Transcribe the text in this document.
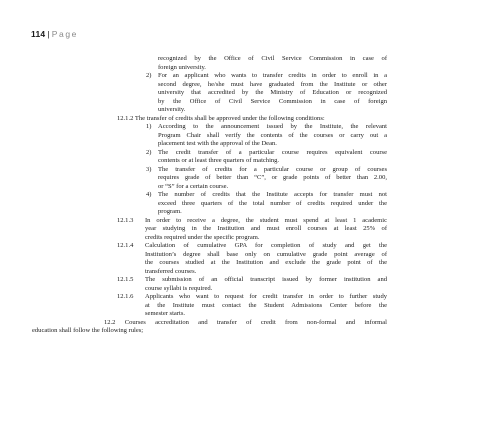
114 | Page
recognized by the Office of Civil Service Commission in case of
foreign university.
2) For an applicant who wants to transfer credits in order to enroll in a
second degree, he/she must have graduated from the Institute or other
university that accredited by the Ministry of Education or recognized
by the Office of Civil Service Commission in case of foreign
university.
12.1.2 The transfer of credits shall be approved under the following conditions:
1) According to the announcement issued by the Institute, the relevant
Program Chair shall verify the contents of the courses or carry out a
placement test with the approval of the Dean.
2) The credit transfer of a particular course requires equivalent course
contents or at least three quarters of matching.
3) The transfer of credits for a particular course or group of courses
requires grade of better than “C”, or grade points of better than 2.00,
or “S” for a certain course.
4) The number of credits that the Institute accepts for transfer must not
exceed three quarters of the total number of credits required under the
program.
12.1.3 In order to receive a degree, the student must spend at least 1 academic
year studying in the Institution and must enroll courses at least 25% of
credits required under the specific program.
12.1.4 Calculation of cumulative GPA for completion of study and get the
Institution’s degree shall base only on cumulative grade point average of
the courses studied at the Institution and exclude the grade point of the
transferred courses.
12.1.5 The submission of an official transcript issued by former institution and
course syllabi is required.
12.1.6 Applicants who want to request for credit transfer in order to further study
at the Institute must contact the Student Admissions Center before the
semester starts.
12.2 Courses accreditation and transfer of credit from non-formal and informal
education shall follow the following rules;
